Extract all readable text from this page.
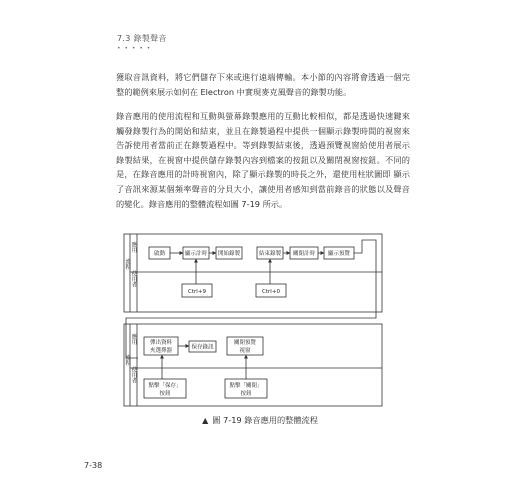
7.3 錄製聲音
• • • • •

獲取音訊資料，將它們儲存下來或進行遠端傳輸。本小節的內容將會透過一個完整的範例來展示如何在 Electron 中實現麥克風聲音的錄製功能。

錄音應用的使用流程和互動與螢幕錄製應用的互動比較相似，都是透過快速鍵來觸發錄製行為的開始和結束，並且在錄製過程中提供一個顯示錄製時間的視窗來告訴使用者當前正在錄製過程中。等到錄製結束後，透過預覽視窗給使用者展示錄製結果，在視窗中提供儲存錄製內容到檔案的按鈕以及關閉視窗按鈕。不同的是，在錄音應用的計時視窗內，除了顯示錄製的時長之外，還使用柱狀圖即 顯示了音訊來源某個頻率聲音的分貝大小，讓使用者感知到當前錄音的狀態以及聲音的變化。錄音應用的整體流程如圖 7-19 所示。

應用
使用者
流程
啟動	顯示計時 開始錄製	結束錄製 關閉計時 顯示預覽
Ctrl+9	Ctrl+0
應用
使用者
流程
彈出資料
夾選擇器
保存錄訊
關閉預覽
視窗
點擊「保存」
按鈕
點擊「關閉」
按鈕
▲ 圖 7-19 錄音應用的整體流程
7-38
